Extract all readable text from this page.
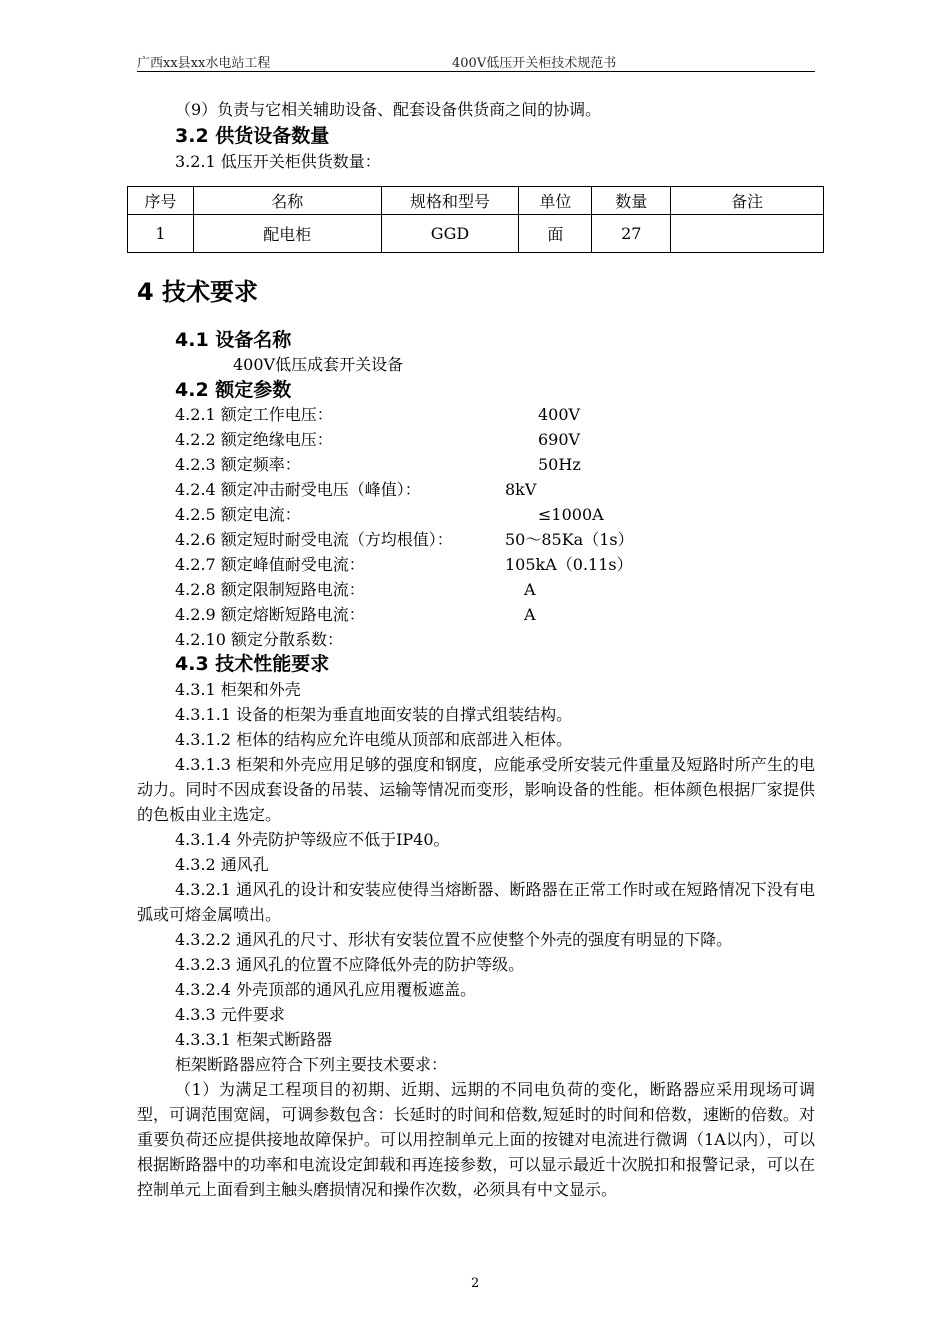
广西xx县xx水电站工程	400V低压开关柜技术规范书
（9）负责与它相关辅助设备、配套设备供货商之间的协调。
3.2 供货设备数量
3.2.1 低压开关柜供货数量：
序号	名称	规格和型号	单位	数量	备注
1	配电柜	GGD	面	27	
4 技术要求
4.1 设备名称
400V低压成套开关设备
4.2 额定参数
4.2.1 额定工作电压：	400V
4.2.2 额定绝缘电压：	690V
4.2.3 额定频率：	50Hz
4.2.4 额定冲击耐受电压（峰值）：	8kV
4.2.5 额定电流：	≤1000A
4.2.6 额定短时耐受电流（方均根值）：	50～85Ka（1s）
4.2.7 额定峰值耐受电流：	105kA（0.11s）
4.2.8 额定限制短路电流：	A
4.2.9 额定熔断短路电流：	A
4.2.10 额定分散系数：
4.3 技术性能要求
4.3.1 柜架和外壳
4.3.1.1 设备的柜架为垂直地面安装的自撑式组装结构。
4.3.1.2 柜体的结构应允许电缆从顶部和底部进入柜体。
4.3.1.3 柜架和外壳应用足够的强度和钢度，应能承受所安装元件重量及短路时所产生的电动力。同时不因成套设备的吊装、运输等情况而变形，影响设备的性能。柜体颜色根据厂家提供的色板由业主选定。
4.3.1.4 外壳防护等级应不低于IP40。
4.3.2 通风孔
4.3.2.1 通风孔的设计和安装应使得当熔断器、断路器在正常工作时或在短路情况下没有电弧或可熔金属喷出。
4.3.2.2 通风孔的尺寸、形状有安装位置不应使整个外壳的强度有明显的下降。
4.3.2.3 通风孔的位置不应降低外壳的防护等级。
4.3.2.4 外壳顶部的通风孔应用覆板遮盖。
4.3.3 元件要求
4.3.3.1 柜架式断路器
柜架断路器应符合下列主要技术要求：
（1）为满足工程项目的初期、近期、远期的不同电负荷的变化，断路器应采用现场可调型，可调范围宽阔，可调参数包含：长延时的时间和倍数,短延时的时间和倍数，速断的倍数。对重要负荷还应提供接地故障保护。可以用控制单元上面的按键对电流进行微调（1A以内），可以根据断路器中的功率和电流设定卸载和再连接参数，可以显示最近十次脱扣和报警记录，可以在控制单元上面看到主触头磨损情况和操作次数，必须具有中文显示。
2
